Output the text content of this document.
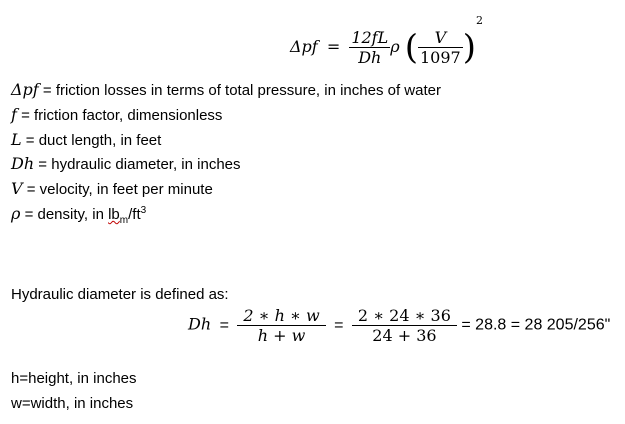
$\Delta pf = \frac{12fL}{Dh}$ ρ ( $\frac{V}{1097} )^2$
Δpf = friction losses in terms of total pressure, in inches of water
f = friction factor, dimensionless
L = duct length, in feet
Dh = hydraulic diameter, in inches
V = velocity, in feet per minute
ρ = density, in $lb_m/ft^3$
Hydraulic diameter is defined as:
$Dh = \frac{2 ∗ h ∗ w}{h + w} = \frac{2 ∗ 24 ∗ 36}{24 + 36} = 28.8 = 28$ 205/256"
h=height, in inches
w=width, in inches
